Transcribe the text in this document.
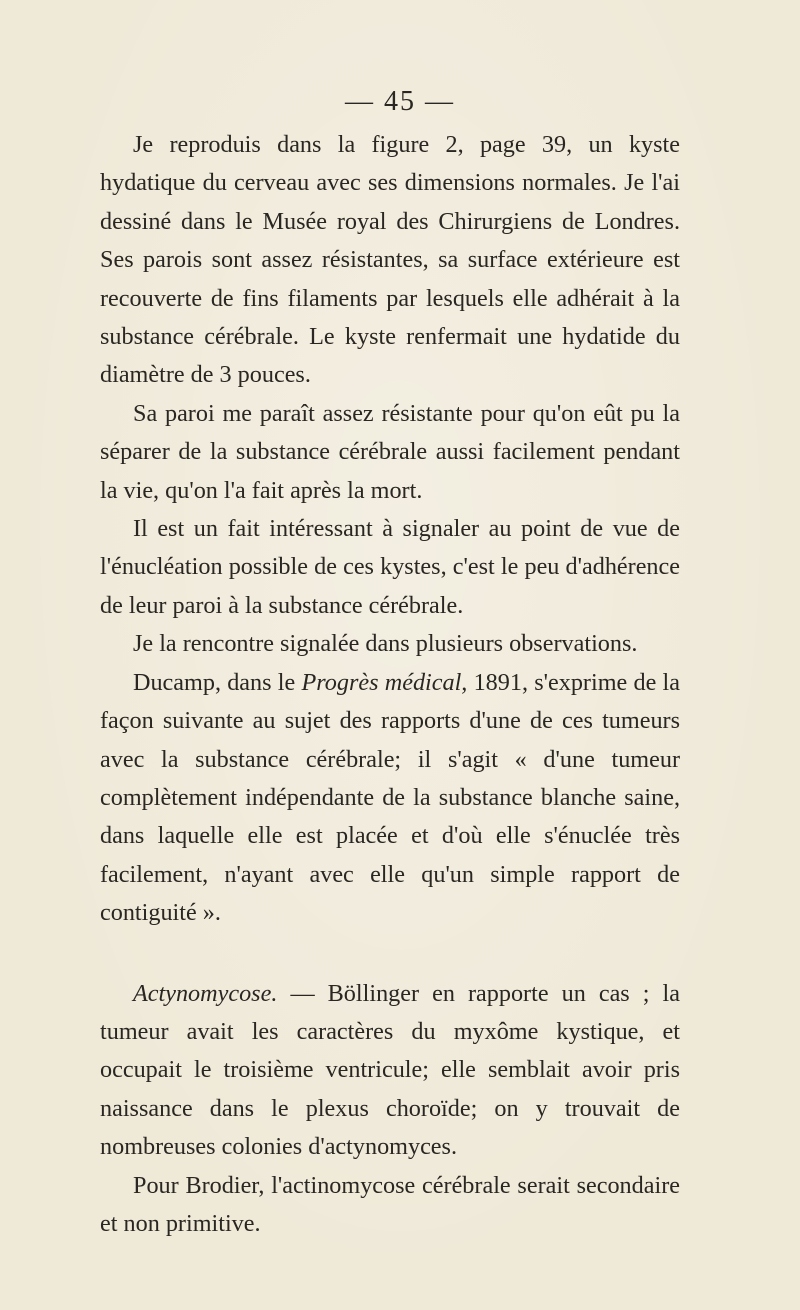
— 45 —

Je reproduis dans la figure 2, page 39, un kyste hydatique du cerveau avec ses dimensions normales. Je l'ai dessiné dans le Musée royal des Chirurgiens de Londres. Ses parois sont assez résistantes, sa surface extérieure est recouverte de fins filaments par lesquels elle adhérait à la substance cérébrale. Le kyste renfermait une hydatide du diamètre de 3 pouces.

Sa paroi me paraît assez résistante pour qu'on eût pu la séparer de la substance cérébrale aussi facilement pendant la vie, qu'on l'a fait après la mort.

Il est un fait intéressant à signaler au point de vue de l'énucléation possible de ces kystes, c'est le peu d'adhérence de leur paroi à la substance cérébrale.

Je la rencontre signalée dans plusieurs observations.

Ducamp, dans le Progrès médical, 1891, s'exprime de la façon suivante au sujet des rapports d'une de ces tumeurs avec la substance cérébrale; il s'agit « d'une tumeur complètement indépendante de la substance blanche saine, dans laquelle elle est placée et d'où elle s'énuclée très facilement, n'ayant avec elle qu'un simple rapport de contiguité ».

Actynomycose. — Böllinger en rapporte un cas ; la tumeur avait les caractères du myxôme kystique, et occupait le troisième ventricule; elle semblait avoir pris naissance dans le plexus choroïde; on y trouvait de nombreuses colonies d'actynomyces.

Pour Brodier, l'actinomycose cérébrale serait secondaire et non primitive.
